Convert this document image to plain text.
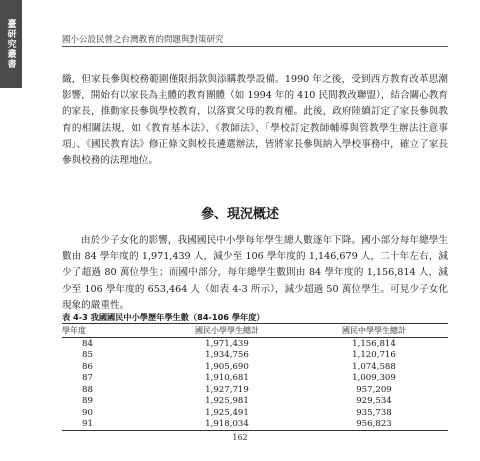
臺研究叢書	國小公設民營之台灣教育的問題與對策研究

織，但家長參與校務範圍僅限捐款與添購教學設備。1990 年之後，受到西方教育改革思潮影響，開始有以家長為主體的教育團體（如 1994 年的 410 民間教改聯盟），結合關心教育的家長，推動家長參與學校教育，以落實父母的教育權。此後，政府陸續訂定了家長參與教育的相關法規，如《教育基本法》、《教師法》、「學校訂定教師輔導與管教學生辦法注意事項」、《國民教育法》修正條文與校長遴選辦法，皆將家長參與納入學校事務中，確立了家長參與校務的法理地位。

參、現況概述

由於少子女化的影響，我國國民中小學每年學生總人數逐年下降。國小部分每年總學生數由 84 學年度的 1,971,439 人，減少至 106 學年度的 1,146,679 人，二十年左右，減少了超過 80 萬位學生；而國中部分，每年總學生數則由 84 學年度的 1,156,814 人，減少至 106 學年度的 653,464 人（如表 4-3 所示），減少超過 50 萬位學生。可見少子女化現象的嚴重性。

表 4-3 我國國民中小學歷年學生數（84-106 學年度）
學年度	國民小學學生總計	國民中學學生總計
84	1,971,439	1,156,814
85	1,934,756	1,120,716
86	1,905,690	1,074,588
87	1,910,681	1,009,309
88	1,927,719	957,209
89	1,925,981	929,534
90	1,925,491	935,738
91	1,918,034	956,823
162
